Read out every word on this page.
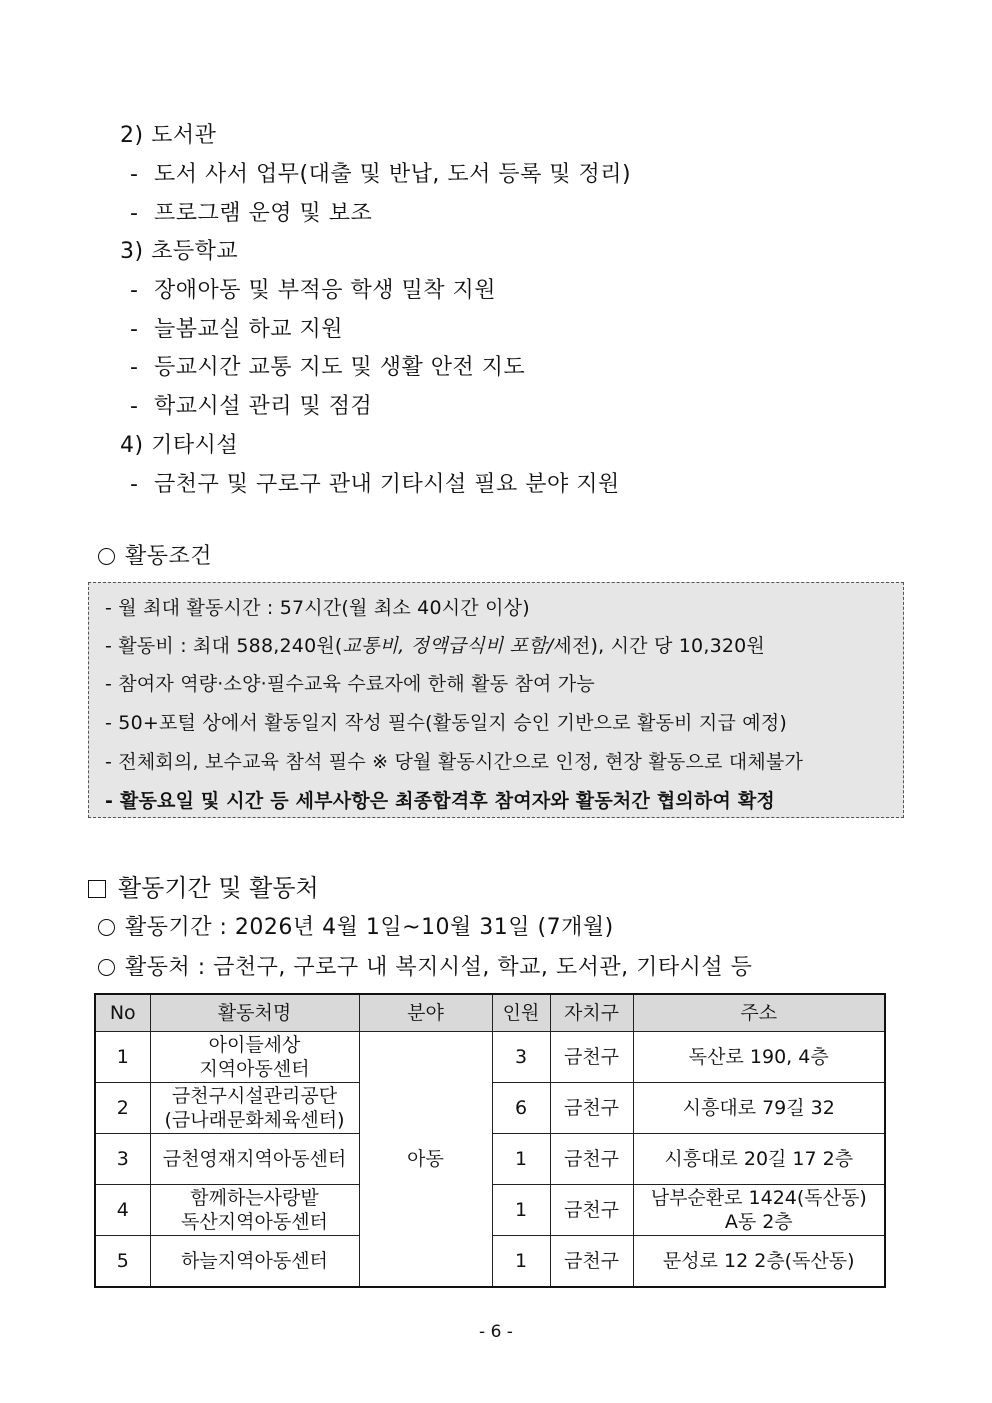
2) 도서관
- 도서 사서 업무(대출 및 반납, 도서 등록 및 정리)
- 프로그램 운영 및 보조
3) 초등학교
- 장애아동 및 부적응 학생 밀착 지원
- 늘봄교실 하교 지원
- 등교시간 교통 지도 및 생활 안전 지도
- 학교시설 관리 및 점검
4) 기타시설
- 금천구 및 구로구 관내 기타시설 필요 분야 지원
활동조건
- 월 최대 활동시간 : 57시간(월 최소 40시간 이상)
- 활동비 : 최대 588,240원(교통비, 정액급식비 포함/세전), 시간 당 10,320원
- 참여자 역량·소양·필수교육 수료자에 한해 활동 참여 가능
- 50+포털 상에서 활동일지 작성 필수(활동일지 승인 기반으로 활동비 지급 예정)
- 전체회의, 보수교육 참석 필수 ※ 당월 활동시간으로 인정, 현장 활동으로 대체불가
- 활동요일 및 시간 등 세부사항은 최종합격후 참여자와 활동처간 협의하여 확정
활동기간 및 활동처
활동기간 : 2026년 4월 1일~10월 31일 (7개월)
활동처 : 금천구, 구로구 내 복지시설, 학교, 도서관, 기타시설 등
No	활동처명	분야	인원	자치구	주소
1	아이들세상
지역아동센터	아동	3	금천구	독산로 190, 4층
2	금천구시설관리공단
(금나래문화체육센터)		6	금천구	시흥대로 79길 32
3	금천영재지역아동센터		1	금천구	시흥대로 20길 17 2층
4	함께하는사랑밭
독산지역아동센터		1	금천구	남부순환로 1424(독산동)
A동 2층
5	하늘지역아동센터		1	금천구	문성로 12 2층(독산동)
- 6 -
